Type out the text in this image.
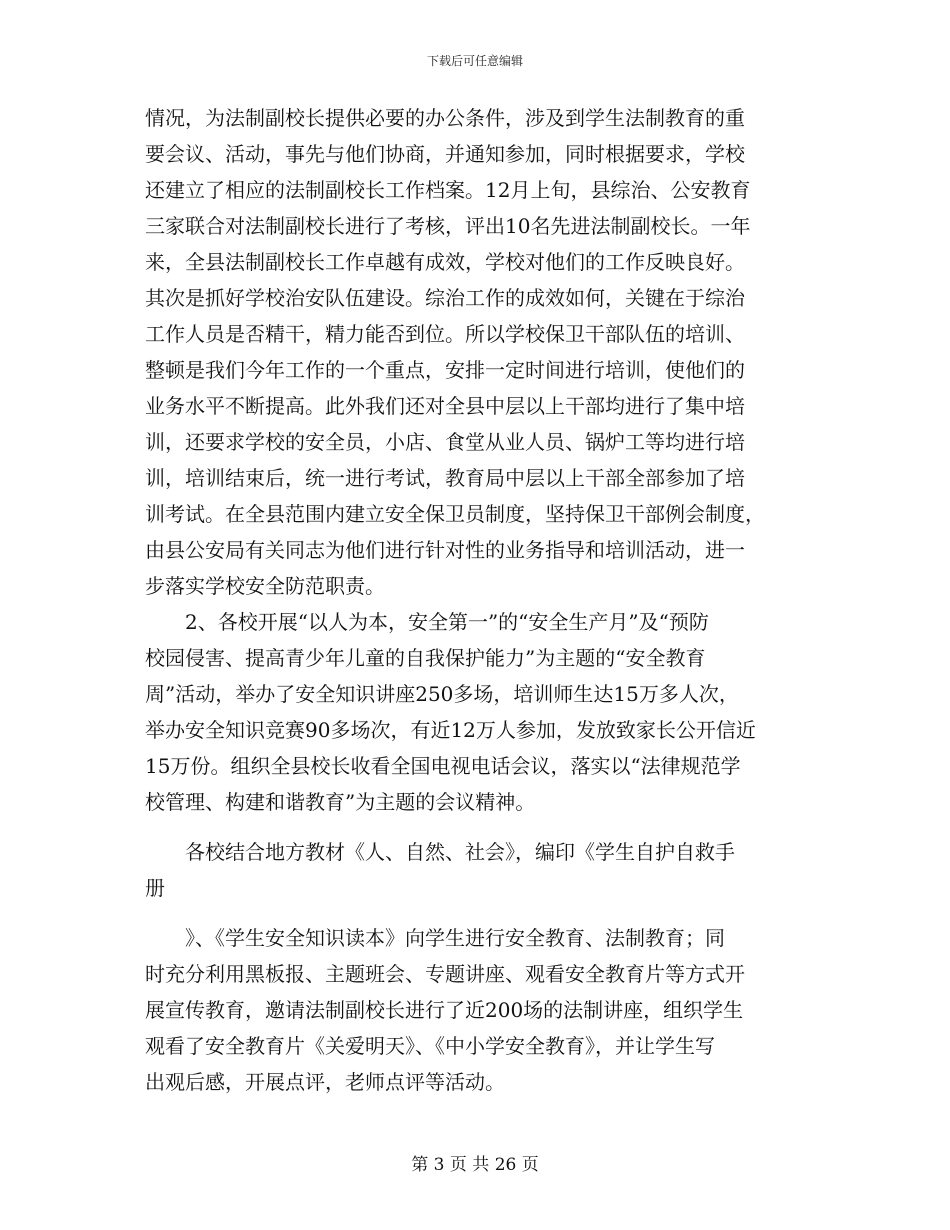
下载后可任意编辑
情况，为法制副校长提供必要的办公条件，涉及到学生法制教育的重
要会议、活动，事先与他们协商，并通知参加，同时根据要求，学校
还建立了相应的法制副校长工作档案。12月上旬，县综治、公安教育
三家联合对法制副校长进行了考核，评出10名先进法制副校长。一年
来，全县法制副校长工作卓越有成效，学校对他们的工作反映良好。
其次是抓好学校治安队伍建设。综治工作的成效如何，关键在于综治
工作人员是否精干，精力能否到位。所以学校保卫干部队伍的培训、
整顿是我们今年工作的一个重点，安排一定时间进行培训，使他们的
业务水平不断提高。此外我们还对全县中层以上干部均进行了集中培
训，还要求学校的安全员，小店、食堂从业人员、锅炉工等均进行培
训，培训结束后，统一进行考试，教育局中层以上干部全部参加了培
训考试。在全县范围内建立安全保卫员制度，坚持保卫干部例会制度，
由县公安局有关同志为他们进行针对性的业务指导和培训活动，进一
步落实学校安全防范职责。
　　2、各校开展“以人为本，安全第一”的“安全生产月”及“预防
校园侵害、提高青少年儿童的自我保护能力”为主题的“安全教育
周”活动，举办了安全知识讲座250多场，培训师生达15万多人次，
举办安全知识竞赛90多场次，有近12万人参加，发放致家长公开信近
15万份。组织全县校长收看全国电视电话会议，落实以“法律规范学
校管理、构建和谐教育”为主题的会议精神。
　　各校结合地方教材《人、自然、社会》，编印《学生自护自救手
册
　　》、《学生安全知识读本》向学生进行安全教育、法制教育；同
时充分利用黑板报、主题班会、专题讲座、观看安全教育片等方式开
展宣传教育，邀请法制副校长进行了近200场的法制讲座，组织学生
观看了安全教育片《关爱明天》、《中小学安全教育》，并让学生写
出观后感，开展点评，老师点评等活动。
第 3 页 共 26 页
